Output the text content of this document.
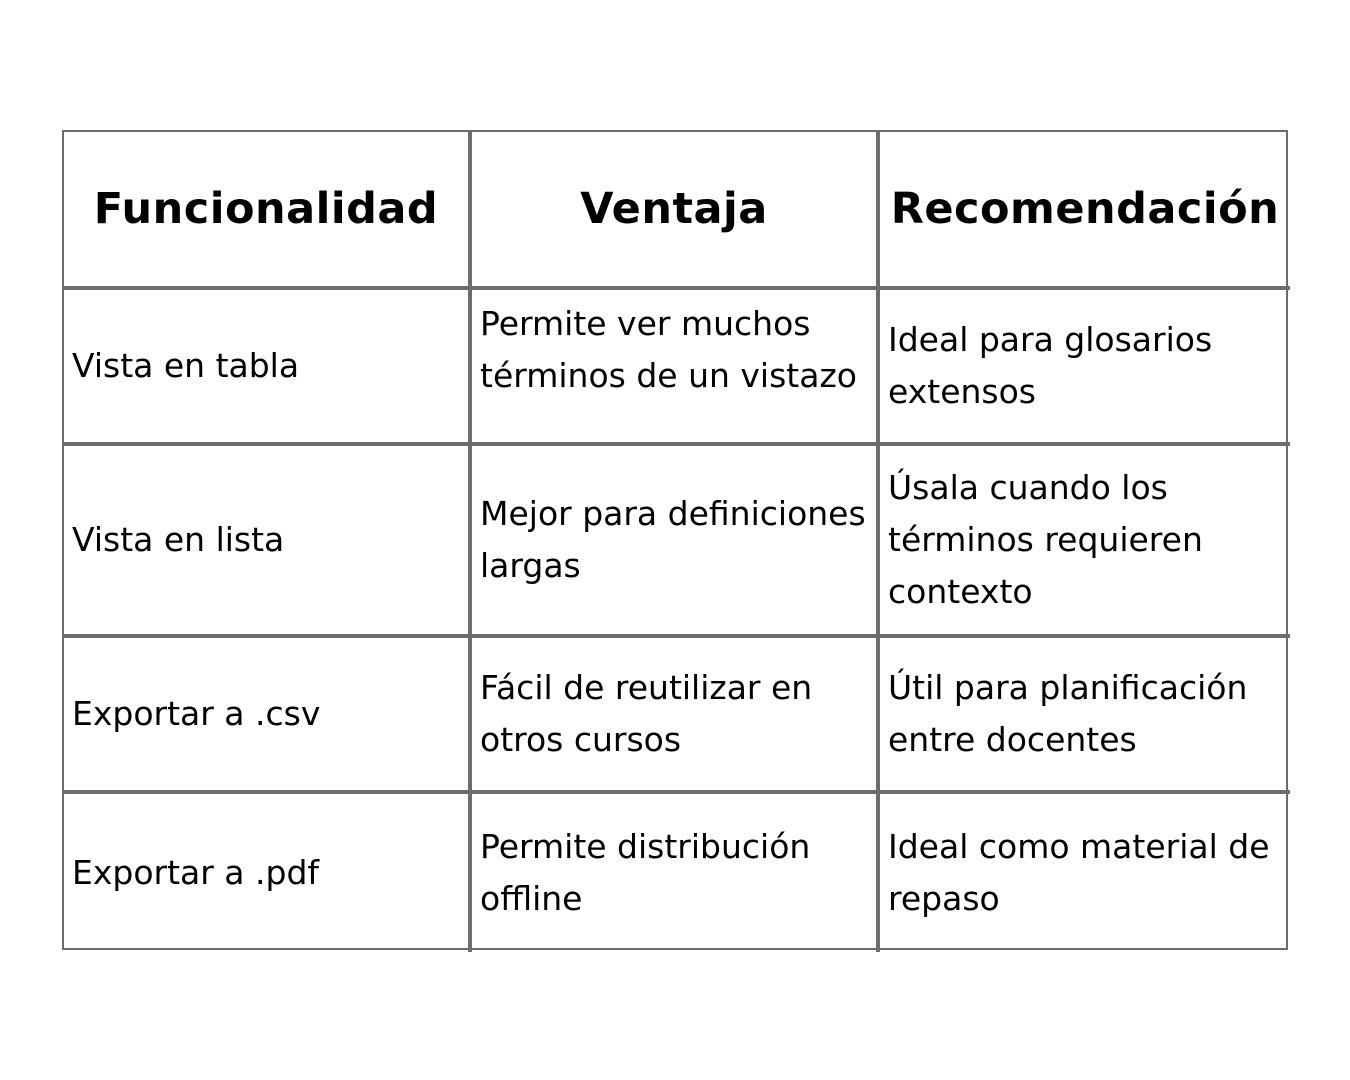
Funcionalidad	Ventaja	Recomendación
Vista en tabla
Permite ver muchos términos de un vistazo
Ideal para glosarios extensos
Vista en lista
Mejor para definiciones largas
Úsala cuando los términos requieren contexto
Exportar a .csv
Fácil de reutilizar en otros cursos
Útil para planificación entre docentes
Exportar a .pdf
Permite distribución offline
Ideal como material de repaso
